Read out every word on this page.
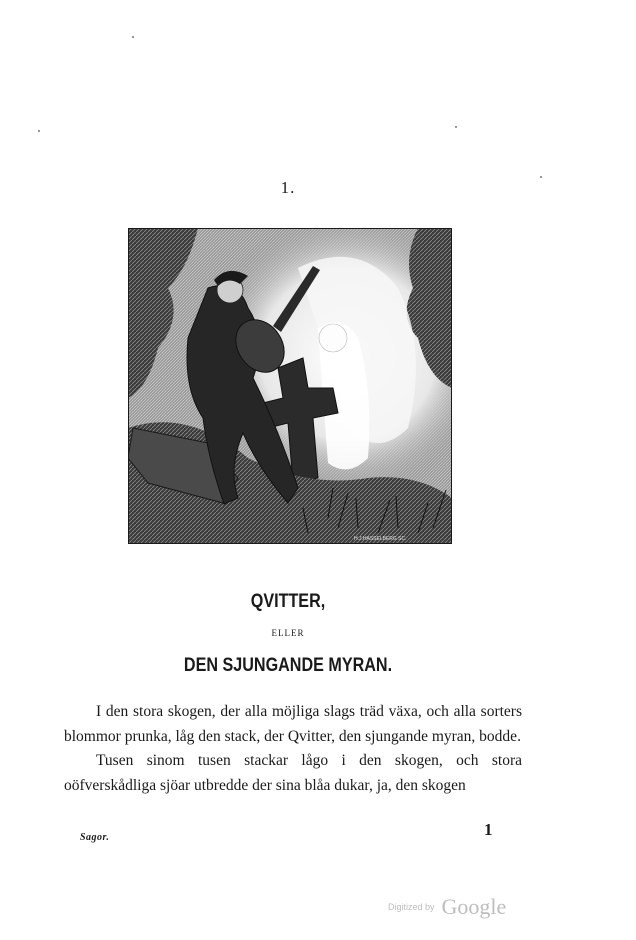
1.
H.J.HASSELBERG SC.
QVITTER,
ELLER
DEN SJUNGANDE MYRAN.

I den stora skogen, der alla möjliga slags träd växa, och alla sorters blommor prunka, låg den stack, der Qvitter, den sjungande myran, bodde.

Tusen sinom tusen stackar lågo i den skogen, och stora oöfverskådliga sjöar utbredde der sina blåa dukar, ja, den skogen

Sagor.	1
Digitized by Google
